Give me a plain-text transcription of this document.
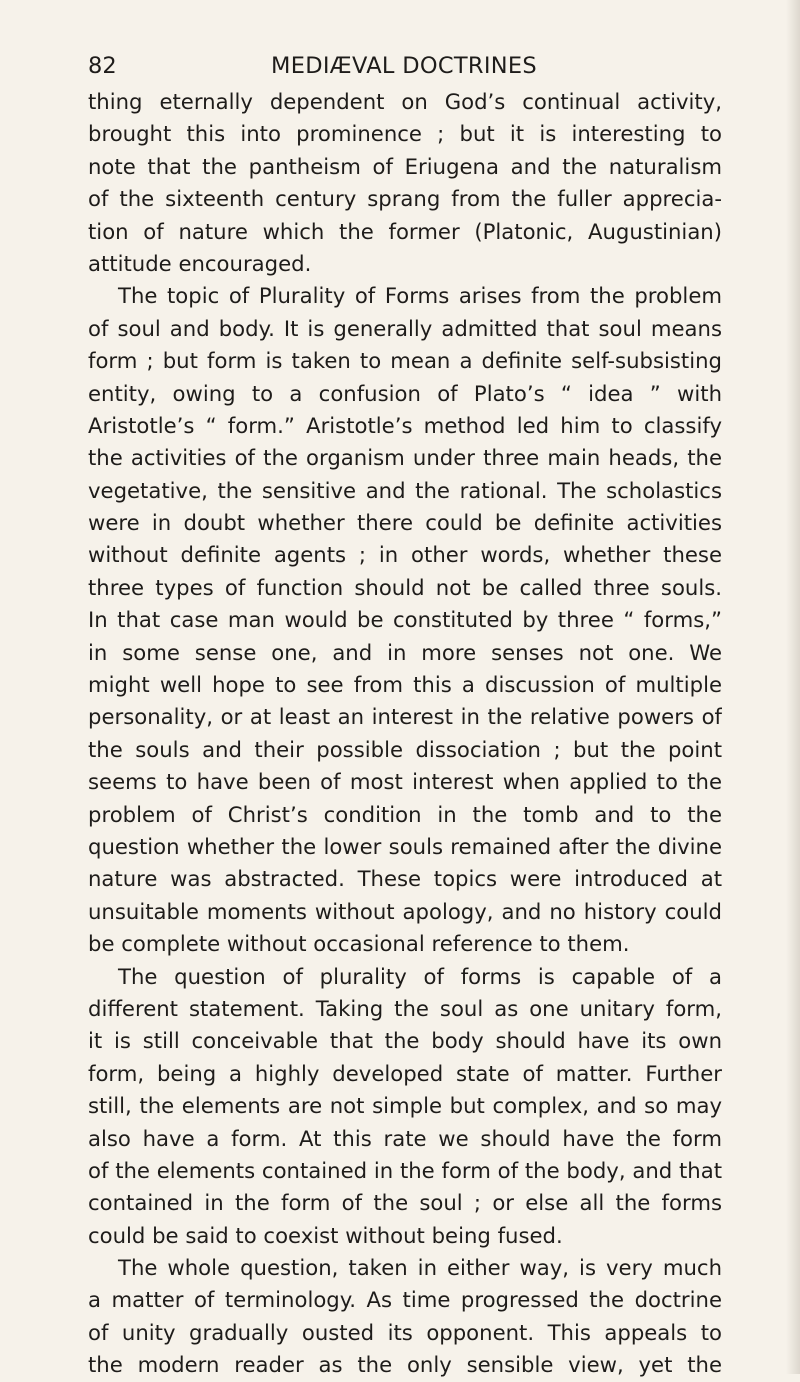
82	MEDIÆVAL DOCTRINES
thing eternally dependent on God’s continual activity,
brought this into prominence ; but it is interesting to
note that the pantheism of Eriugena and the naturalism
of the sixteenth century sprang from the fuller apprecia-
tion of nature which the former (Platonic, Augustinian)
attitude encouraged.
The topic of Plurality of Forms arises from the problem
of soul and body. It is generally admitted that soul means
form ; but form is taken to mean a definite self-subsisting
entity, owing to a confusion of Plato’s “ idea ” with
Aristotle’s “ form.” Aristotle’s method led him to classify
the activities of the organism under three main heads, the
vegetative, the sensitive and the rational. The scholastics
were in doubt whether there could be definite activities
without definite agents ; in other words, whether these
three types of function should not be called three souls.
In that case man would be constituted by three “ forms,”
in some sense one, and in more senses not one. We
might well hope to see from this a discussion of multiple
personality, or at least an interest in the relative powers of
the souls and their possible dissociation ; but the point
seems to have been of most interest when applied to the
problem of Christ’s condition in the tomb and to the
question whether the lower souls remained after the divine
nature was abstracted. These topics were introduced at
unsuitable moments without apology, and no history could
be complete without occasional reference to them.
The question of plurality of forms is capable of a
different statement. Taking the soul as one unitary form,
it is still conceivable that the body should have its own
form, being a highly developed state of matter. Further
still, the elements are not simple but complex, and so may
also have a form. At this rate we should have the form
of the elements contained in the form of the body, and that
contained in the form of the soul ; or else all the forms
could be said to coexist without being fused.
The whole question, taken in either way, is very much
a matter of terminology. As time progressed the doctrine
of unity gradually ousted its opponent. This appeals to
the modern reader as the only sensible view, yet the
